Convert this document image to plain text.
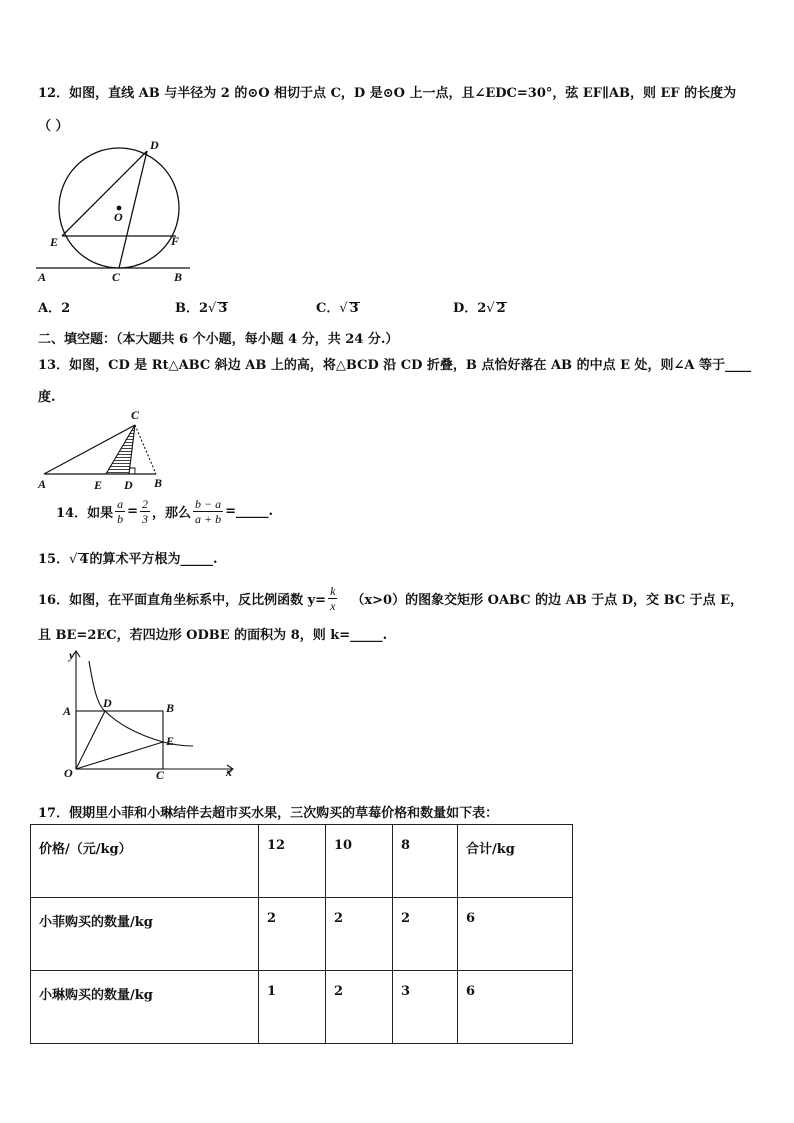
12．如图，直线 AB 与半径为 2 的⊙O 相切于点 C，D 是⊙O 上一点，且∠EDC=30°，弦 EF∥AB，则 EF 的长度为
（ ）
D
O
E	F
A	C	B
A．2	B．2√ 3	C．√ 3	D．2√ 2
二、填空题：（本大题共 6 个小题，每小题 4 分，共 24 分.）
13．如图，CD 是 Rt△ABC 斜边 AB 上的高，将△BCD 沿 CD 折叠，B 点恰好落在 AB 的中点 E 处，则∠A 等于____
度.
C
A	E D B
14．如果 $\frac{a}{b} = \frac{2}{3}$ ，那么 $\frac{b - a}{a + b}$ =_____.
15．√ 4的算术平方根为_____.
16．如图，在平面直角坐标系中，反比例函数 $y= \frac{k}{x} (x>0)$的图象交矩形 OABC 的边 AB 于点 D，交 BC 于点 E，
且 BE=2EC，若四边形 ODBE 的面积为 8，则 k=_____.
y
x
A
D	B
E
O	C
17．假期里小菲和小琳结伴去超市买水果，三次购买的草莓价格和数量如下表：
价格/（元/kg）	12	10	8	合计/kg
小菲购买的数量/kg	2	2	2	6
小琳购买的数量/kg	1	2	3	6
